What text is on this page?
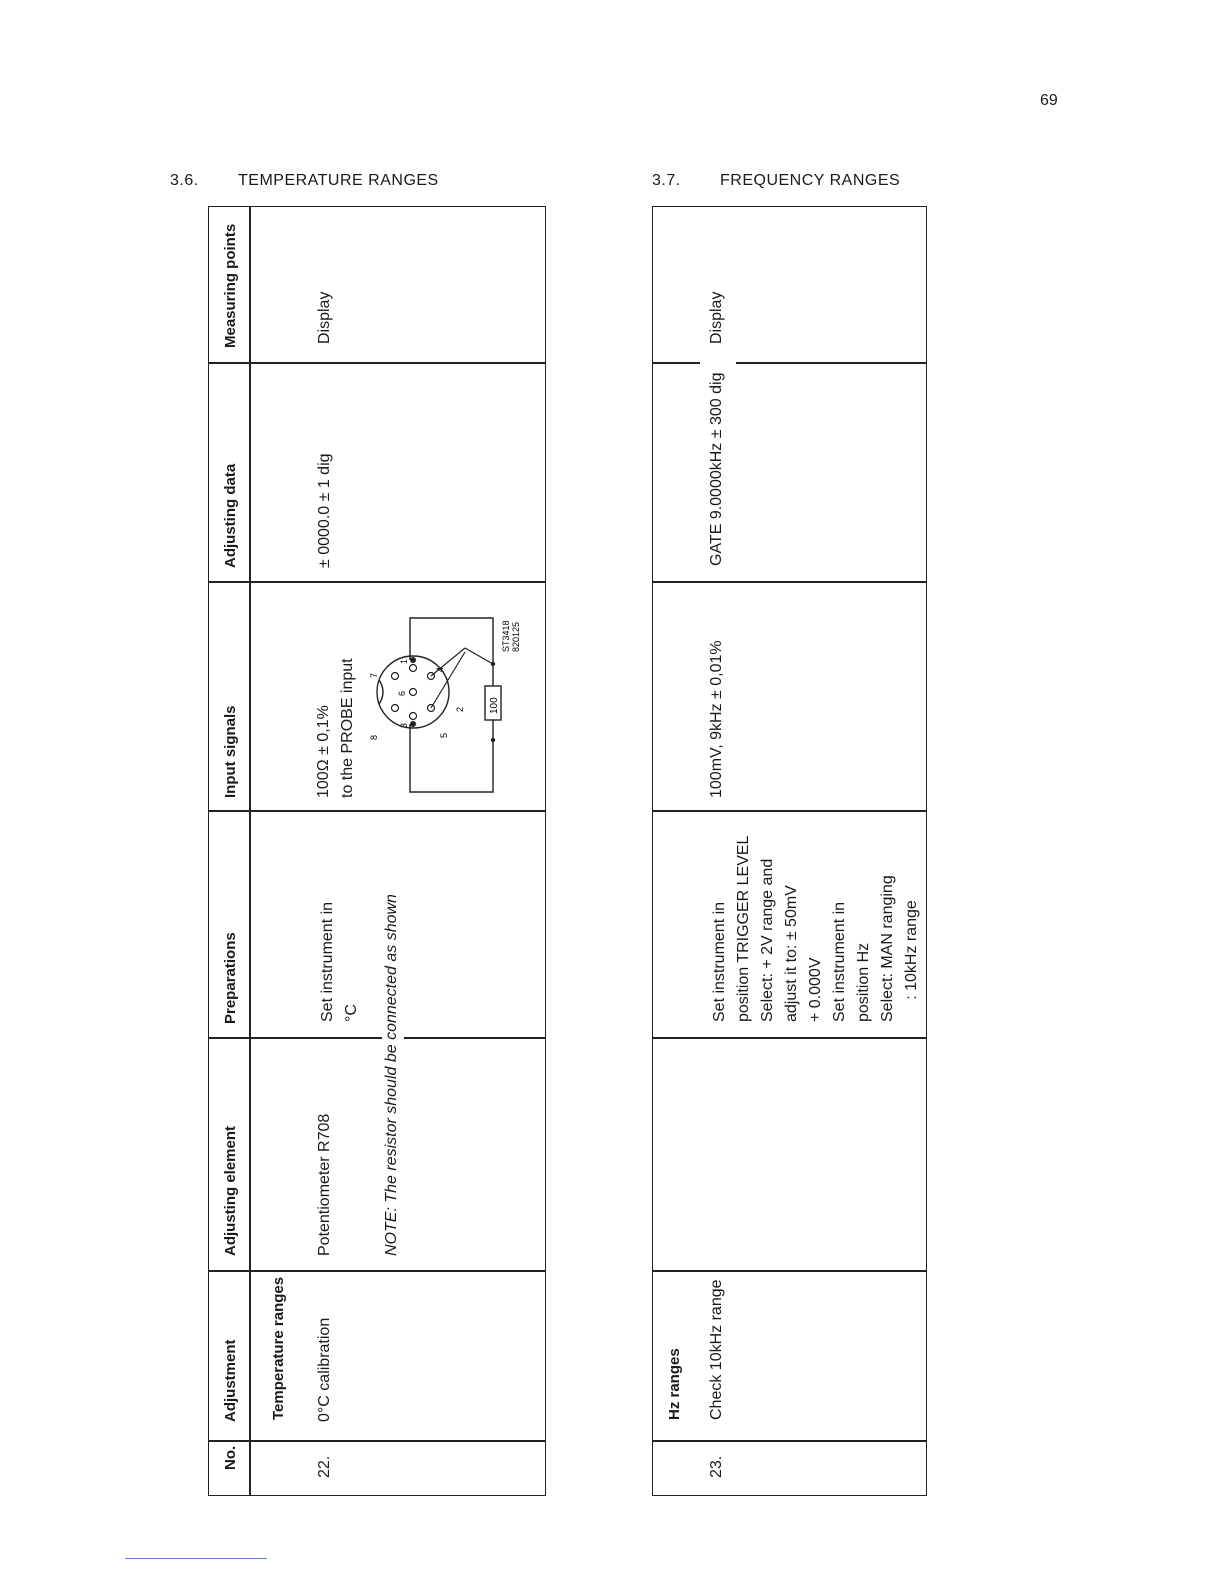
69
3.6. TEMPERATURE RANGES	3.7. FREQUENCY RANGES
No.
Adjustment
Adjusting element
Preparations
Input signals
Adjusting data
Measuring points
Temperature ranges
22.
0°C calibration
Potentiometer R708
Set instrument in °C
100Ω ± 0,1% to the PROBE input
± 0000.0 ± 1 dig
Display
NOTE: The resistor should be connected as shown
100
1
2
3
4
5
6
7
8
ST3418 820125
Hz ranges
23.
Check 10kHz range
Set instrument in position TRIGGER LEVEL Select: + 2V range and adjust it to: ± 50mV + 0.000V Set instrument in position Hz Select: MAN ranging : 10kHz range
100mV, 9kHz ± 0,01%
GATE 9.0000kHz ± 300 dig
Display
